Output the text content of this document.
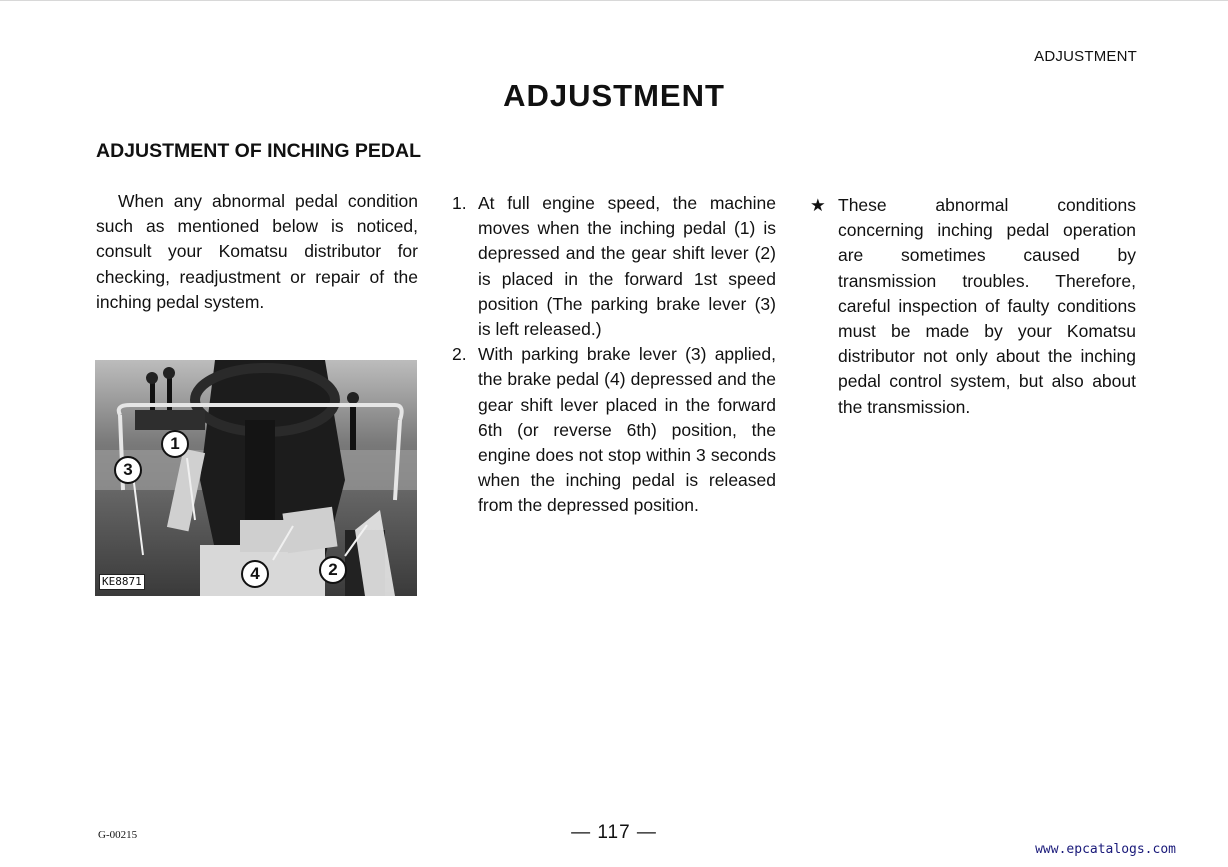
ADJUSTMENT
ADJUSTMENT
ADJUSTMENT OF INCHING PEDAL

When any abnormal pedal condition such as mentioned below is noticed, consult your Komatsu distributor for checking, readjustment or repair of the inching pedal system.

1
3
4	2
KE8871
1. At full engine speed, the machine moves when the inching pedal (1) is depressed and the gear shift lever (2) is placed in the forward 1st speed position (The parking brake lever (3) is left released.)
2. With parking brake lever (3) applied, the brake pedal (4) depressed and the gear shift lever placed in the forward 6th (or reverse 6th) position, the engine does not stop within 3 seconds when the inching pedal is released from the depressed position.
★ These abnormal conditions concerning inching pedal operation are sometimes caused by transmission troubles. Therefore, careful inspection of faulty conditions must be made by your Komatsu distributor not only about the inching pedal control system, but also about the transmission.
G-00215	— 117 —
www.epcatalogs.com
